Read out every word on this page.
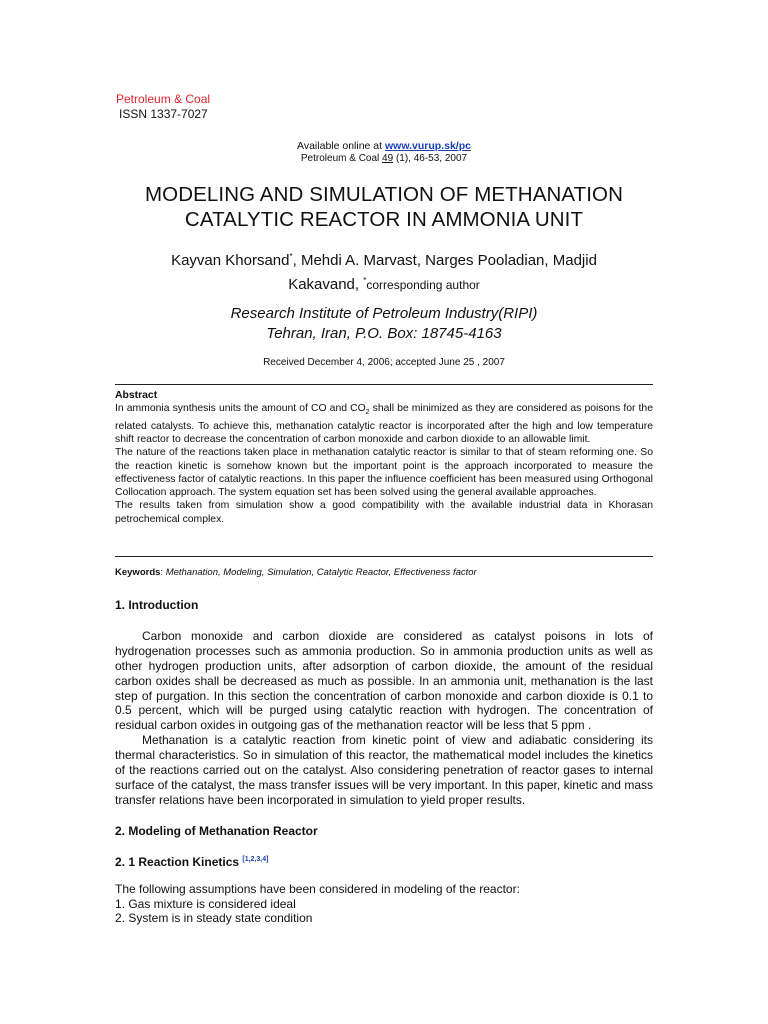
Petroleum & Coal
ISSN 1337-7027
Available online at www.vurup.sk/pc
Petroleum & Coal 49 (1), 46-53, 2007
MODELING AND SIMULATION OF METHANATION
CATALYTIC REACTOR IN AMMONIA UNIT
Kayvan Khorsand*, Mehdi A. Marvast, Narges Pooladian, Madjid
Kakavand, *corresponding author
Research Institute of Petroleum Industry(RIPI)
Tehran, Iran, P.O. Box: 18745-4163
Received December 4, 2006; accepted June 25 , 2007
Abstract

In ammonia synthesis units the amount of CO and $CO_2$ shall be minimized as they are considered as poisons for the related catalysts. To achieve this, methanation catalytic reactor is incorporated after the high and low temperature shift reactor to decrease the concentration of carbon monoxide and carbon dioxide to an allowable limit.

The nature of the reactions taken place in methanation catalytic reactor is similar to that of steam reforming one. So the reaction kinetic is somehow known but the important point is the approach incorporated to measure the effectiveness factor of catalytic reactions. In this paper the influence coefficient has been measured using Orthogonal Collocation approach. The system equation set has been solved using the general available approaches.

The results taken from simulation show a good compatibility with the available industrial data in Khorasan petrochemical complex.

Keywords: Methanation, Modeling, Simulation, Catalytic Reactor, Effectiveness factor
1. Introduction

Carbon monoxide and carbon dioxide are considered as catalyst poisons in lots of hydrogenation processes such as ammonia production. So in ammonia production units as well as other hydrogen production units, after adsorption of carbon dioxide, the amount of the residual carbon oxides shall be decreased as much as possible. In an ammonia unit, methanation is the last step of purgation. In this section the concentration of carbon monoxide and carbon dioxide is 0.1 to 0.5 percent, which will be purged using catalytic reaction with hydrogen. The concentration of residual carbon oxides in outgoing gas of the methanation reactor will be less that 5 ppm .

Methanation is a catalytic reaction from kinetic point of view and adiabatic considering its thermal characteristics. So in simulation of this reactor, the mathematical model includes the kinetics of the reactions carried out on the catalyst. Also considering penetration of reactor gases to internal surface of the catalyst, the mass transfer issues will be very important. In this paper, kinetic and mass transfer relations have been incorporated in simulation to yield proper results.

2. Modeling of Methanation Reactor
2. 1 Reaction Kinetics [1,2,3,4]

The following assumptions have been considered in modeling of the reactor:

1. Gas mixture is considered ideal
2. System is in steady state condition
